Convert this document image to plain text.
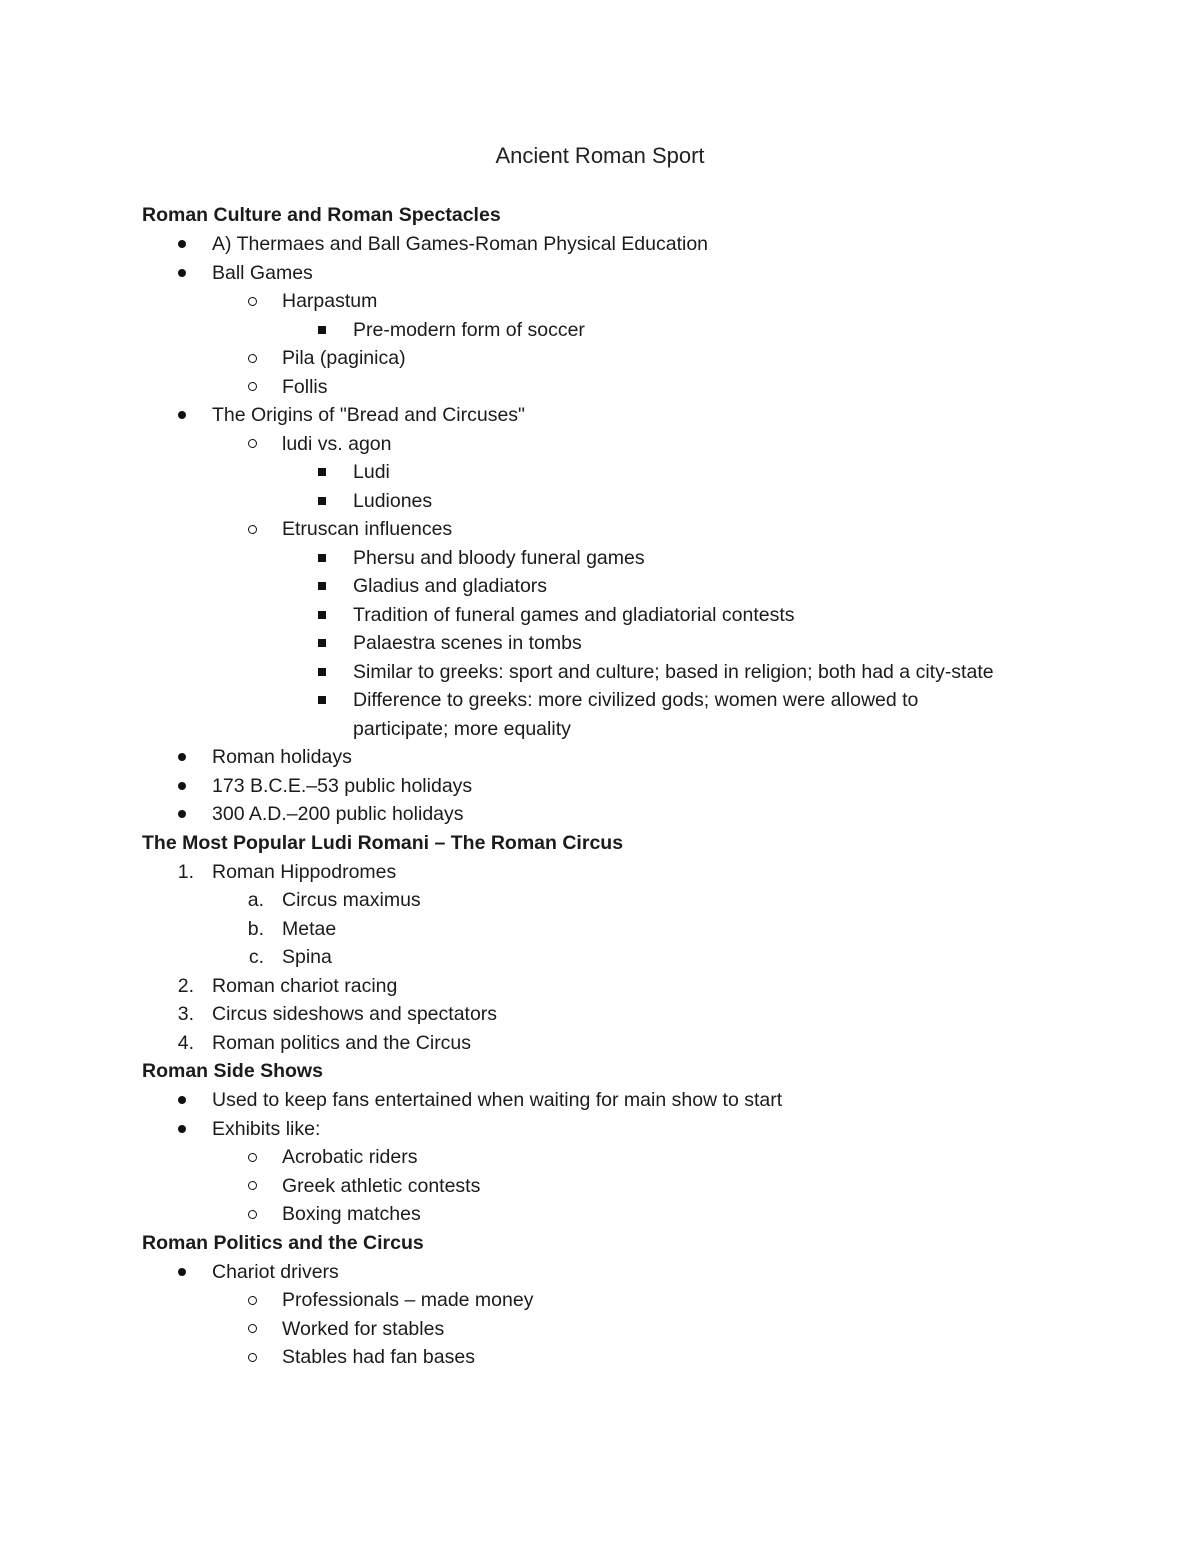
Ancient Roman Sport
Roman Culture and Roman Spectacles
A) Thermaes and Ball Games-Roman Physical Education
Ball Games
Harpastum
Pre-modern form of soccer
Pila (paginica)
Follis
The Origins of "Bread and Circuses"
ludi vs. agon
Ludi
Ludiones
Etruscan influences
Phersu and bloody funeral games
Gladius and gladiators
Tradition of funeral games and gladiatorial contests
Palaestra scenes in tombs
Similar to greeks: sport and culture; based in religion; both had a city-state
Difference to greeks: more civilized gods; women were allowed to participate; more equality
Roman holidays
173 B.C.E.–53 public holidays
300 A.D.–200 public holidays
The Most Popular Ludi Romani – The Roman Circus
1. Roman Hippodromes
a. Circus maximus
b. Metae
c. Spina
2. Roman chariot racing
3. Circus sideshows and spectators
4. Roman politics and the Circus
Roman Side Shows
Used to keep fans entertained when waiting for main show to start
Exhibits like:
Acrobatic riders
Greek athletic contests
Boxing matches
Roman Politics and the Circus
Chariot drivers
Professionals – made money
Worked for stables
Stables had fan bases
